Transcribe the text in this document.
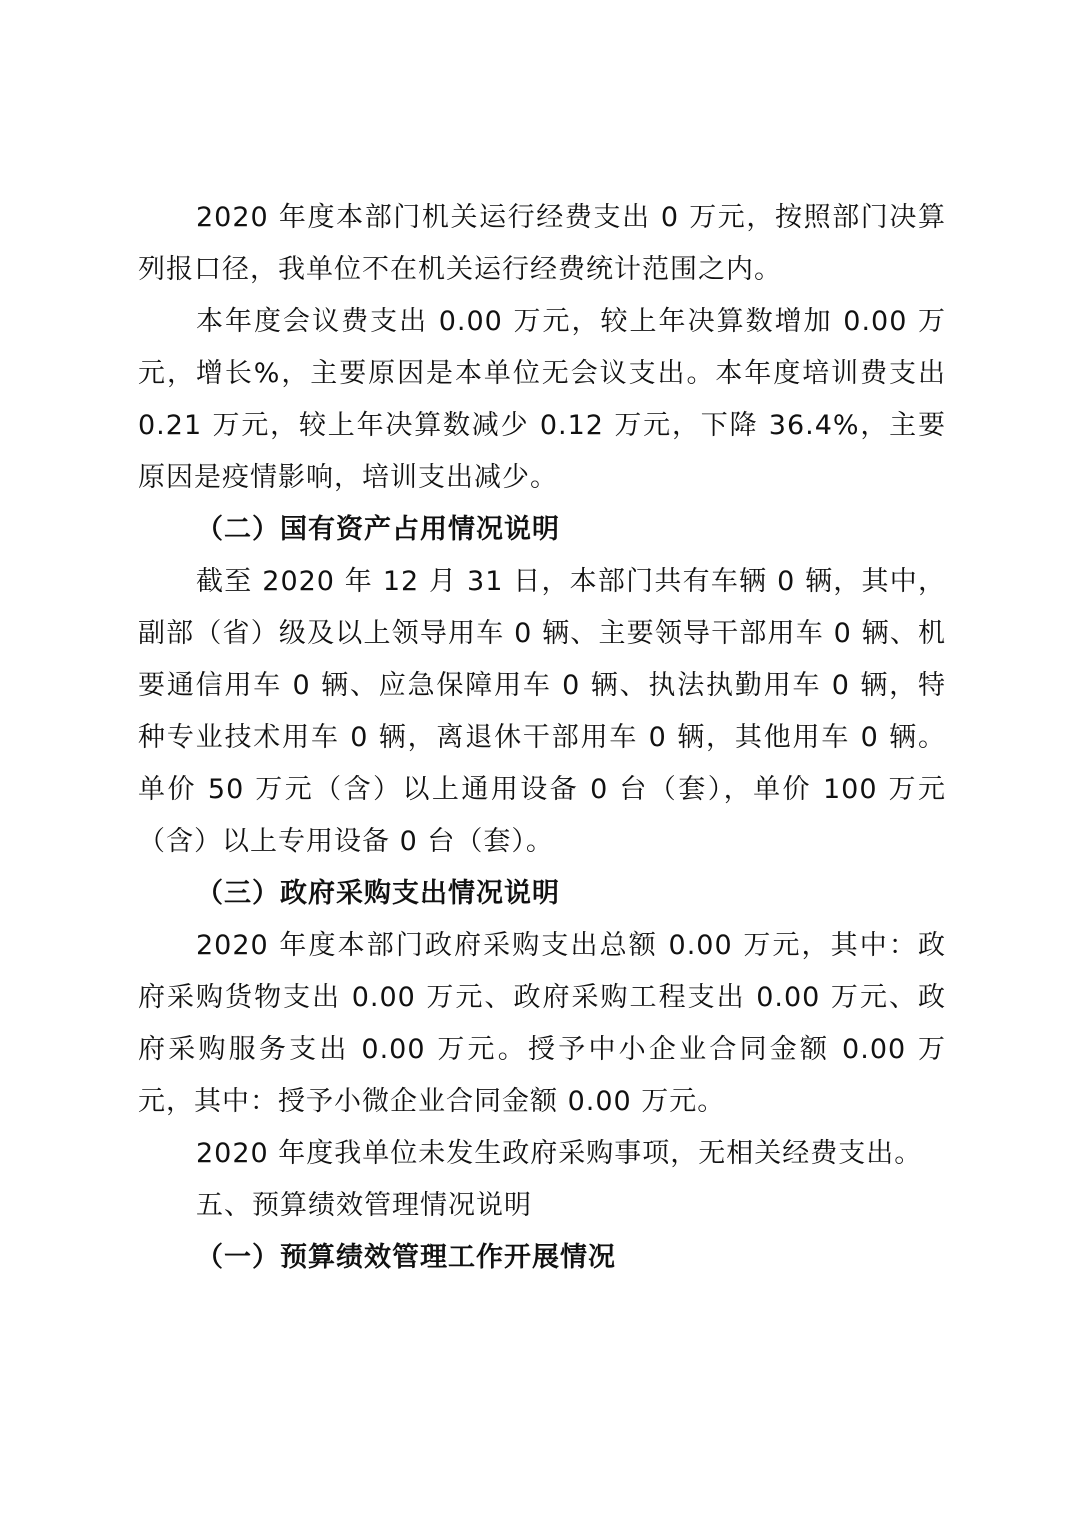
2020 年度本部门机关运行经费支出 0 万元，按照部门决算列报口径，我单位不在机关运行经费统计范围之内。

本年度会议费支出 0.00 万元，较上年决算数增加 0.00 万元，增长%，主要原因是本单位无会议支出。本年度培训费支出 0.21 万元，较上年决算数减少 0.12 万元，下降 36.4%，主要原因是疫情影响，培训支出减少。

（二）国有资产占用情况说明

截至 2020 年 12 月 31 日，本部门共有车辆 0 辆，其中，副部（省）级及以上领导用车 0 辆、主要领导干部用车 0 辆、机要通信用车 0 辆、应急保障用车 0 辆、执法执勤用车 0 辆，特种专业技术用车 0 辆，离退休干部用车 0 辆，其他用车 0 辆。单价 50 万元（含）以上通用设备 0 台（套），单价 100 万元（含）以上专用设备 0 台（套）。

（三）政府采购支出情况说明

2020 年度本部门政府采购支出总额 0.00 万元，其中：政府采购货物支出 0.00 万元、政府采购工程支出 0.00 万元、政府采购服务支出 0.00 万元。授予中小企业合同金额 0.00 万元，其中：授予小微企业合同金额 0.00 万元。

2020 年度我单位未发生政府采购事项，无相关经费支出。

五、预算绩效管理情况说明

（一）预算绩效管理工作开展情况
